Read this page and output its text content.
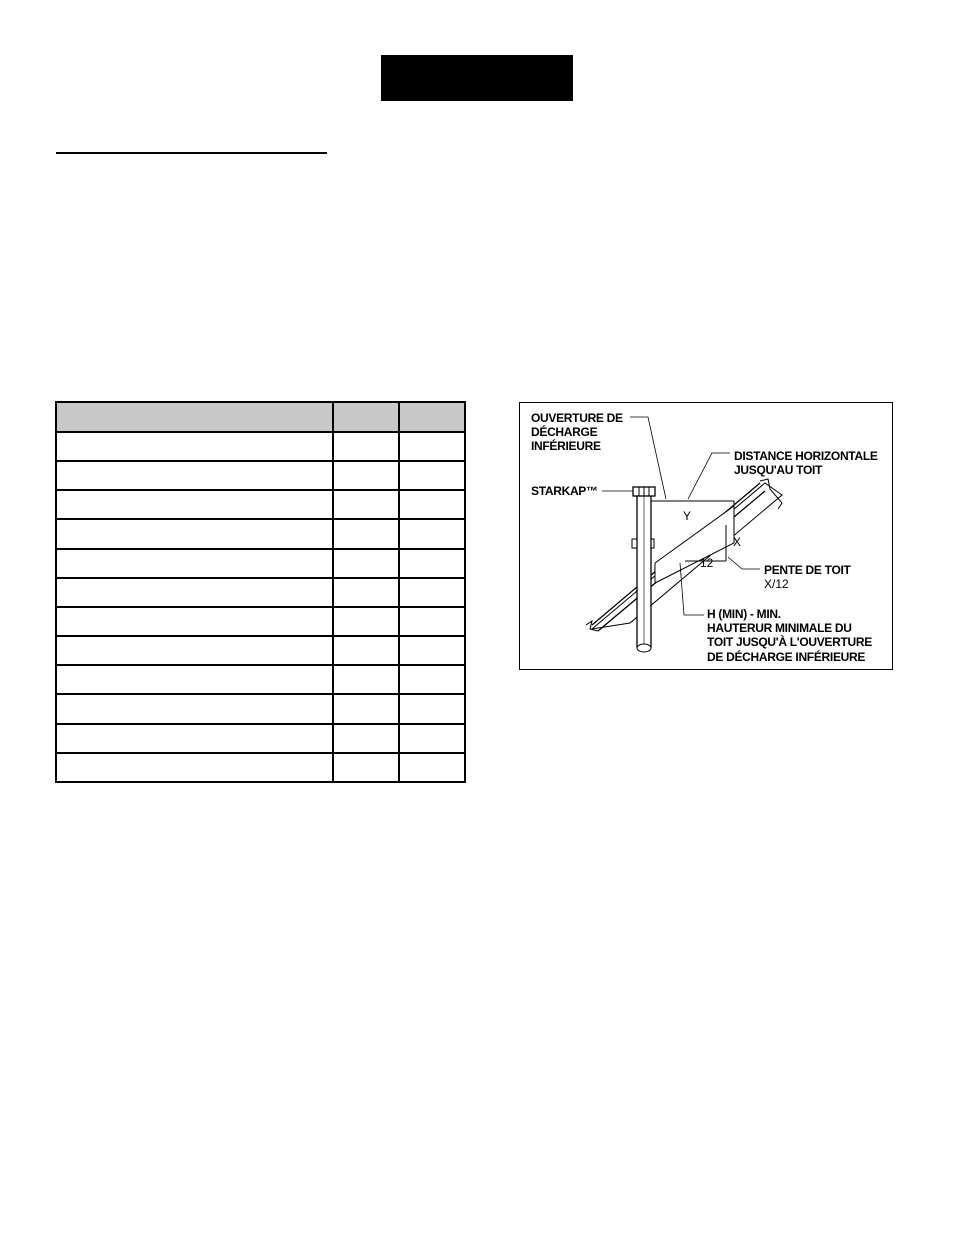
OUVERTURE DE
DÉCHARGE
INFÉRIEURE
DISTANCE HORIZONTALE
JUSQU'AU TOIT
STARKAP™
Y
X
12	PENTE DE TOIT
X/12
H (MIN) - MIN.
HAUTERUR MINIMALE DU
TOIT JUSQU'À L'OUVERTURE
DE DÉCHARGE INFÉRIEURE
